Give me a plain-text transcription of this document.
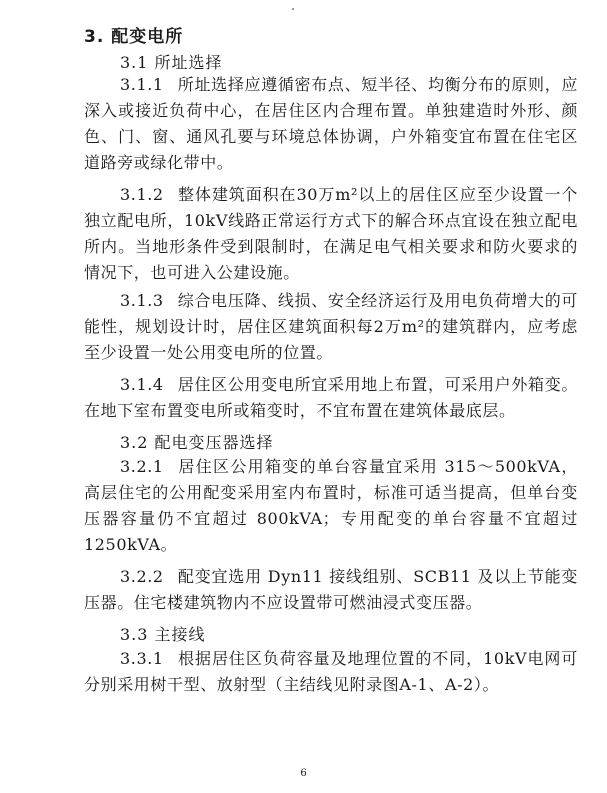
3. 配变电所
3.1 所址选择
3.1.1 所址选择应遵循密布点、短半径、均衡分布的原则，应深入或接近负荷中心，在居住区内合理布置。单独建造时外形、颜色、门、窗、通风孔要与环境总体协调，户外箱变宜布置在住宅区道路旁或绿化带中。
3.1.2 整体建筑面积在30万m²以上的居住区应至少设置一个独立配电所，10kV线路正常运行方式下的解合环点宜设在独立配电所内。当地形条件受到限制时，在满足电气相关要求和防火要求的情况下，也可进入公建设施。
3.1.3 综合电压降、线损、安全经济运行及用电负荷增大的可能性，规划设计时，居住区建筑面积每2万m²的建筑群内，应考虑至少设置一处公用变电所的位置。
3.1.4 居住区公用变电所宜采用地上布置，可采用户外箱变。在地下室布置变电所或箱变时，不宜布置在建筑体最底层。
3.2 配电变压器选择
3.2.1 居住区公用箱变的单台容量宜采用 315～500kVA，高层住宅的公用配变采用室内布置时，标准可适当提高，但单台变压器容量仍不宜超过 800kVA；专用配变的单台容量不宜超过1250kVA。
3.2.2 配变宜选用 Dyn11 接线组别、SCB11 及以上节能变压器。住宅楼建筑物内不应设置带可燃油浸式变压器。
3.3 主接线
3.3.1 根据居住区负荷容量及地理位置的不同，10kV电网可分别采用树干型、放射型（主结线见附录图A-1、A-2）。
6
